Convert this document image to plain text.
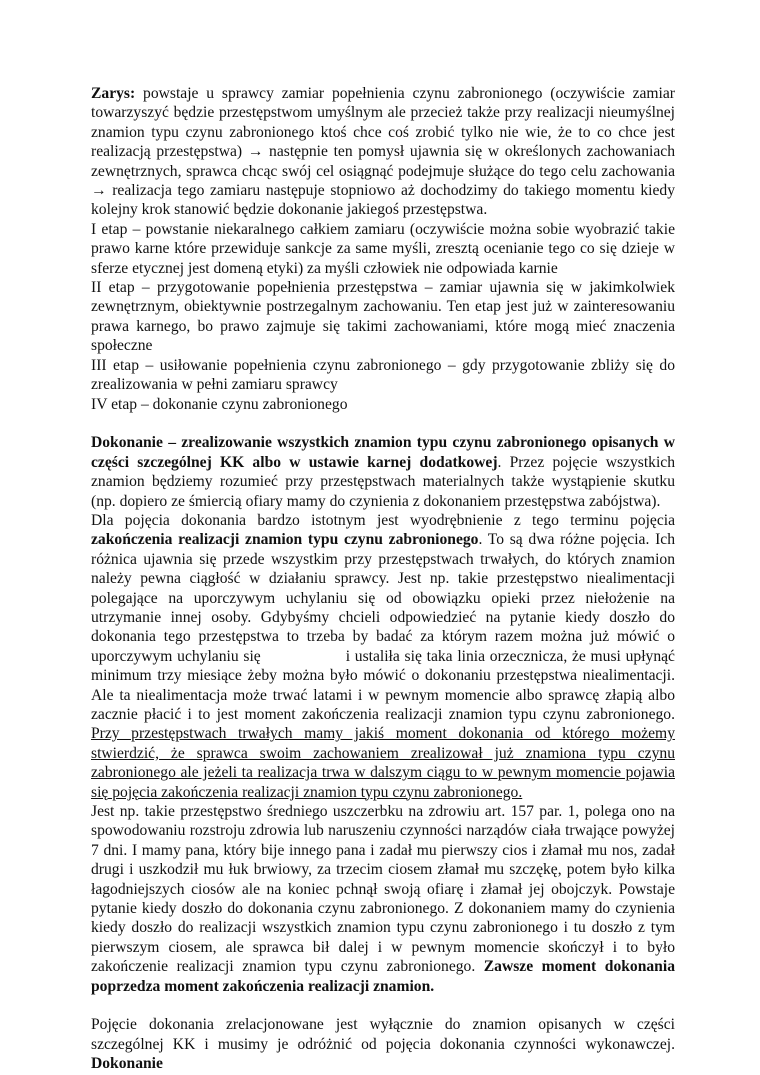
Zarys: powstaje u sprawcy zamiar popełnienia czynu zabronionego (oczywiście zamiar towarzyszyć będzie przestępstwom umyślnym ale przecież także przy realizacji nieumyślnej znamion typu czynu zabronionego ktoś chce coś zrobić tylko nie wie, że to co chce jest realizacją przestępstwa) → następnie ten pomysł ujawnia się w określonych zachowaniach zewnętrznych, sprawca chcąc swój cel osiągnąć podejmuje służące do tego celu zachowania → realizacja tego zamiaru następuje stopniowo aż dochodzimy do takiego momentu kiedy kolejny krok stanowić będzie dokonanie jakiegoś przestępstwa.

I etap – powstanie niekaralnego całkiem zamiaru (oczywiście można sobie wyobrazić takie prawo karne które przewiduje sankcje za same myśli, zresztą ocenianie tego co się dzieje w sferze etycznej jest domeną etyki) za myśli człowiek nie odpowiada karnie

II etap – przygotowanie popełnienia przestępstwa – zamiar ujawnia się w jakimkolwiek zewnętrznym, obiektywnie postrzegalnym zachowaniu. Ten etap jest już w zainteresowaniu prawa karnego, bo prawo zajmuje się takimi zachowaniami, które mogą mieć znaczenia społeczne

III etap – usiłowanie popełnienia czynu zabronionego – gdy przygotowanie zbliży się do zrealizowania w pełni zamiaru sprawcy

IV etap – dokonanie czynu zabronionego

Dokonanie – zrealizowanie wszystkich znamion typu czynu zabronionego opisanych w części szczególnej KK albo w ustawie karnej dodatkowej. Przez pojęcie wszystkich znamion będziemy rozumieć przy przestępstwach materialnych także wystąpienie skutku (np. dopiero ze śmiercią ofiary mamy do czynienia z dokonaniem przestępstwa zabójstwa).

Dla pojęcia dokonania bardzo istotnym jest wyodrębnienie z tego terminu pojęcia zakończenia realizacji znamion typu czynu zabronionego. To są dwa różne pojęcia. Ich różnica ujawnia się przede wszystkim przy przestępstwach trwałych, do których znamion należy pewna ciągłość w działaniu sprawcy. Jest np. takie przestępstwo niealimentacji polegające na uporczywym uchylaniu się od obowiązku opieki przez niełożenie na utrzymanie innej osoby. Gdybyśmy chcieli odpowiedzieć na pytanie kiedy doszło do dokonania tego przestępstwa to trzeba by badać za którym razem można już mówić o uporczywym uchylaniu się	i ustaliła się taka linia orzecznicza, że musi upłynąć minimum trzy miesiące żeby można było mówić o dokonaniu przestępstwa niealimentacji. Ale ta niealimentacja może trwać latami i w pewnym momencie albo sprawcę złapią albo zacznie płacić i to jest moment zakończenia realizacji znamion typu czynu zabronionego. Przy przestępstwach trwałych mamy jakiś moment dokonania od którego możemy stwierdzić, że sprawca swoim zachowaniem zrealizował już znamiona typu czynu zabronionego ale jeżeli ta realizacja trwa w dalszym ciągu to w pewnym momencie pojawia się pojęcia zakończenia realizacji znamion typu czynu zabronionego.

Jest np. takie przestępstwo średniego uszczerbku na zdrowiu art. 157 par. 1, polega ono na spowodowaniu rozstroju zdrowia lub naruszeniu czynności narządów ciała trwające powyżej 7 dni. I mamy pana, który bije innego pana i zadał mu pierwszy cios i złamał mu nos, zadał drugi i uszkodził mu łuk brwiowy, za trzecim ciosem złamał mu szczękę, potem było kilka łagodniejszych ciosów ale na koniec pchnął swoją ofiarę i złamał jej obojczyk. Powstaje pytanie kiedy doszło do dokonania czynu zabronionego. Z dokonaniem mamy do czynienia kiedy doszło do realizacji wszystkich znamion typu czynu zabronionego i tu doszło z tym pierwszym ciosem, ale sprawca bił dalej i w pewnym momencie skończył i to było zakończenie realizacji znamion typu czynu zabronionego. Zawsze moment dokonania poprzedza moment zakończenia realizacji znamion.

Pojęcie dokonania zrelacjonowane jest wyłącznie do znamion opisanych w części szczególnej KK i musimy je odróżnić od pojęcia dokonania czynności wykonawczej. Dokonanie
